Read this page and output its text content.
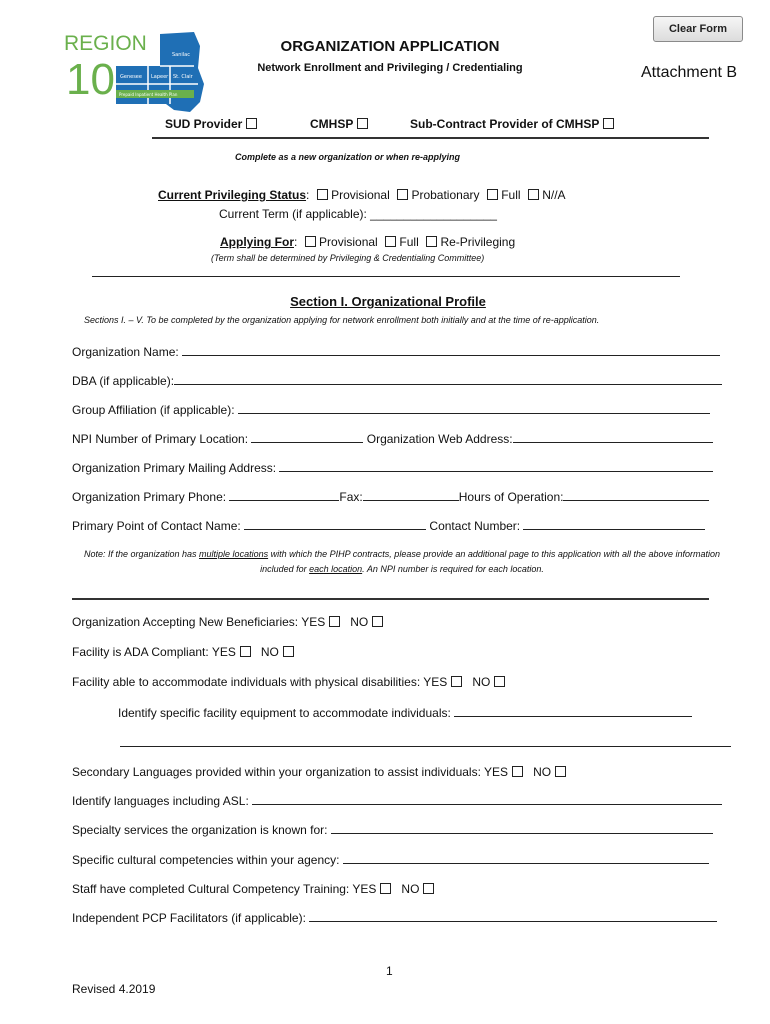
Clear Form
Sanilac
Genesee Lapeer St. Clair
Prepaid Inpatient Health Plan
REGION
10
ORGANIZATION APPLICATION
Network Enrollment and Privileging / Credentialing	Attachment B
SUD Provider	CMHSP	Sub-Contract Provider of CMHSP
Complete as a new organization or when re-applying
Current Privileging Status: Provisional Probationary Full N//A
Current Term (if applicable): ___________________
Applying For: Provisional Full Re-Privileging
(Term shall be determined by Privileging & Credentialing Committee)
Section I. Organizational Profile
Sections I. – V. To be completed by the organization applying for network enrollment both initially and at the time of re-application.
Organization Name:
DBA (if applicable):
Group Affiliation (if applicable):
NPI Number of Primary Location:	Organization Web Address:
Organization Primary Mailing Address:
Organization Primary Phone:	Fax:	Hours of Operation:
Primary Point of Contact Name:	Contact Number:
Note: If the organization has multiple locations with which the PIHP contracts, please provide an additional page to this application with all the above information included for each location. An NPI number is required for each location.
Organization Accepting New Beneficiaries: YES NO
Facility is ADA Compliant: YES NO
Facility able to accommodate individuals with physical disabilities: YES NO
Identify specific facility equipment to accommodate individuals:
Secondary Languages provided within your organization to assist individuals: YES NO
Identify languages including ASL:
Specialty services the organization is known for:
Specific cultural competencies within your agency:
Staff have completed Cultural Competency Training: YES NO
Independent PCP Facilitators (if applicable):
1
Revised 4.2019
